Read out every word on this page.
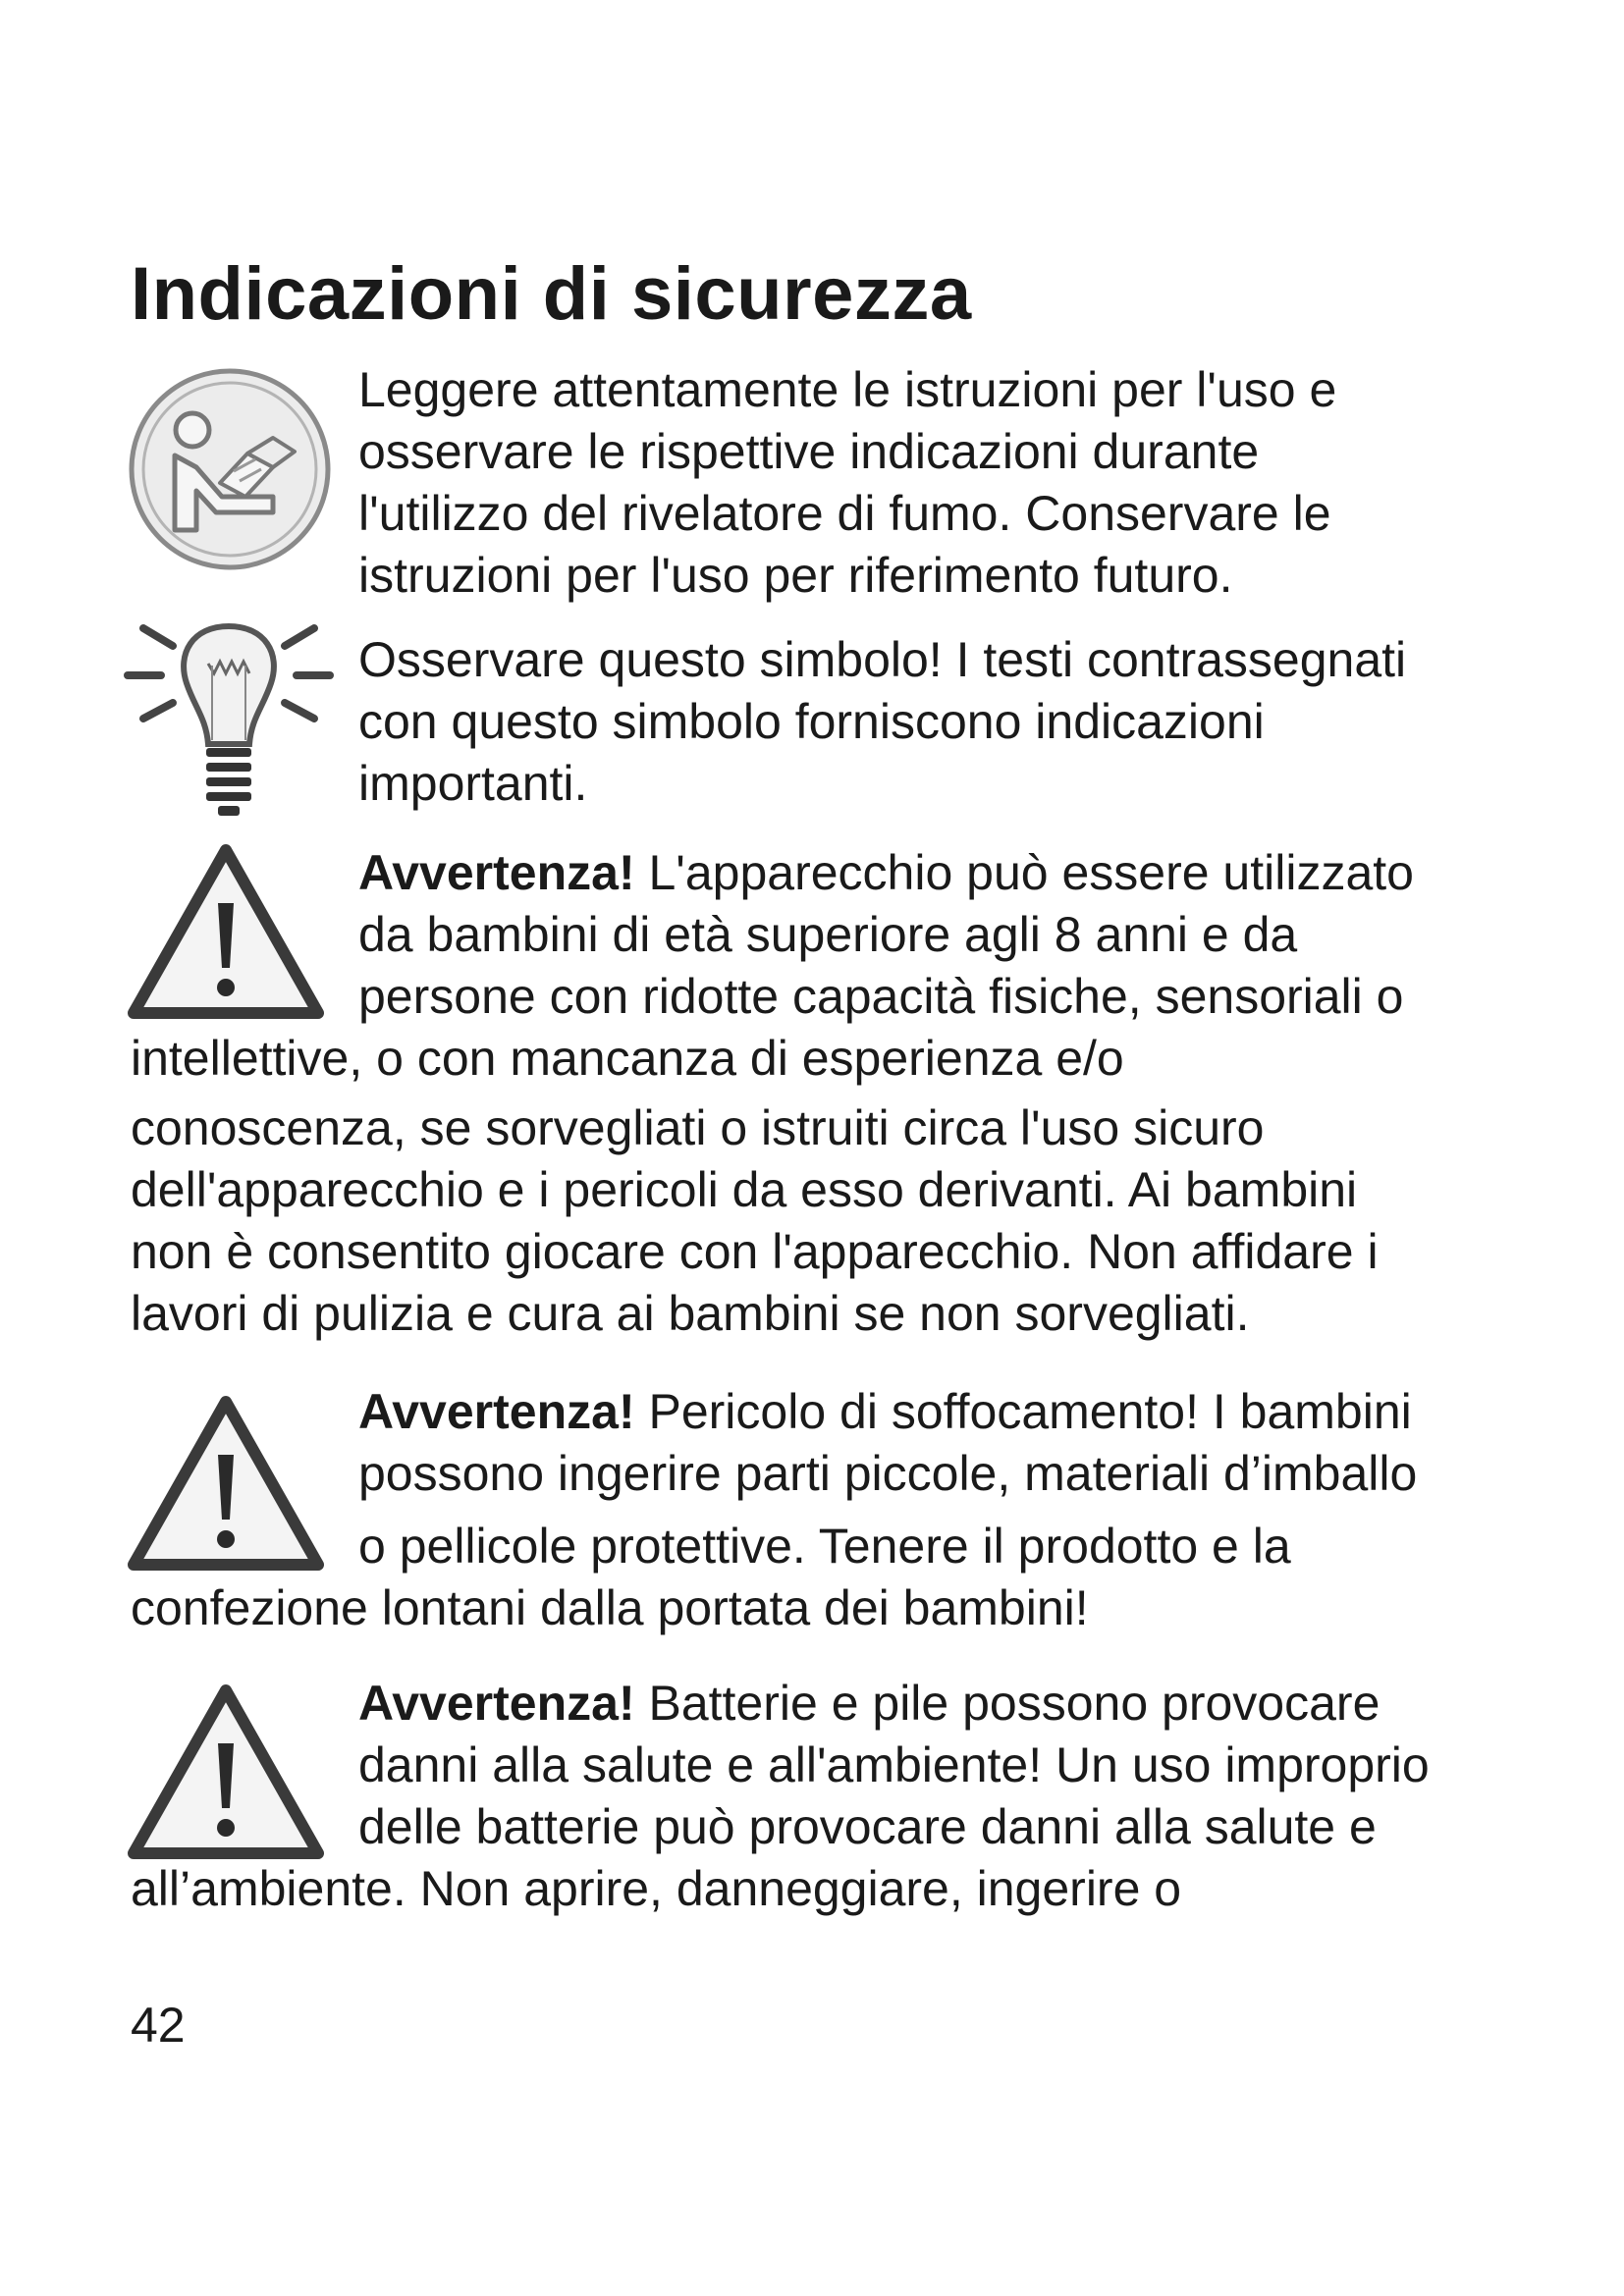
Indicazioni di sicurezza
Leggere attentamente le istruzioni per l'uso e
osservare le rispettive indicazioni durante
l'utilizzo del rivelatore di fumo. Conservare le
istruzioni per l'uso per riferimento futuro.
Osservare questo simbolo! I testi contrassegnati
con questo simbolo forniscono indicazioni
importanti.
Avvertenza! L'apparecchio può essere utilizzato
da bambini di età superiore agli 8 anni e da
persone con ridotte capacità fisiche, sensoriali o
intellettive, o con mancanza di esperienza e/o
conoscenza, se sorvegliati o istruiti circa l'uso sicuro
dell'apparecchio e i pericoli da esso derivanti. Ai bambini
non è consentito giocare con l'apparecchio. Non affidare i
lavori di pulizia e cura ai bambini se non sorvegliati.
Avvertenza! Pericolo di soffocamento! I bambini
possono ingerire parti piccole, materiali d’imballo
o pellicole protettive. Tenere il prodotto e la
confezione lontani dalla portata dei bambini!
Avvertenza! Batterie e pile possono provocare
danni alla salute e all'ambiente! Un uso improprio
delle batterie può provocare danni alla salute e
all’ambiente. Non aprire, danneggiare, ingerire o
42
